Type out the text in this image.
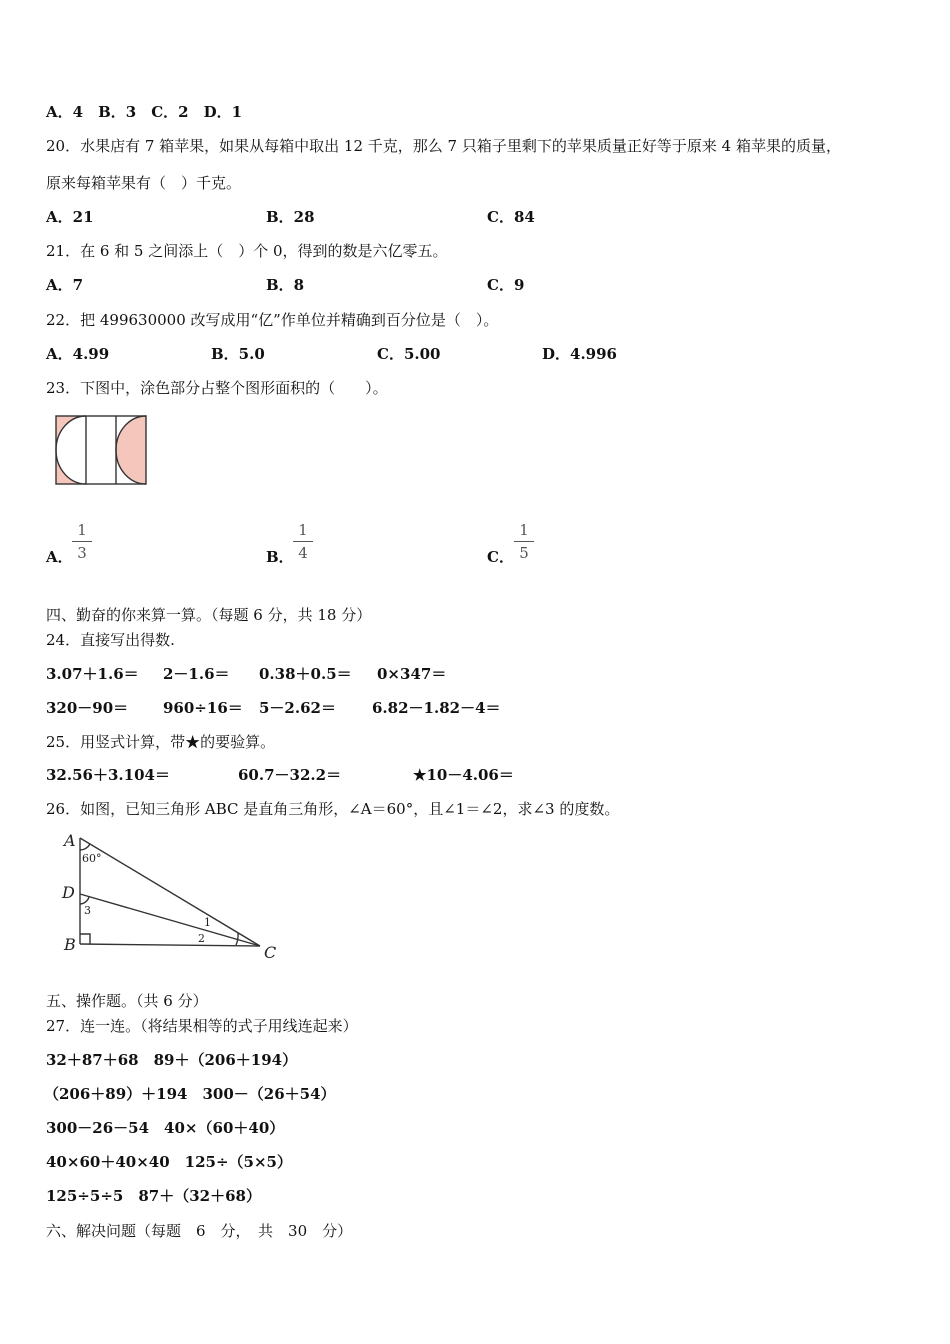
A．4　B．3　C．2　D．1
20．水果店有 7 箱苹果，如果从每箱中取出 12 千克，那么 7 只箱子里剩下的苹果质量正好等于原来 4 箱苹果的质量，
原来每箱苹果有（　）千克。
A．21	B．28	C．84
21．在 6 和 5 之间添上（　）个 0，得到的数是六亿零五。
A．7	B．8	C．9
22．把 499630000 改写成用“亿”作单位并精确到百分位是（　）。
A．4.99	B．5.0	C．5.00	D．4.996
23．下图中，涂色部分占整个图形面积的（　　）。
A．
1
3	B．
1
4	C．
1
5
四、勤奋的你来算一算。（每题 6 分，共 18 分）
24．直接写出得数.
3.07＋1.6＝ 2－1.6＝ 0.38＋0.5＝ 0×347＝
320－90＝ 960÷16＝ 5－2.62＝ 6.82－1.82－4＝
25．用竖式计算，带★的要验算。
32.56＋3.104＝	60.7－32.2＝	★10－4.06＝
26．如图，已知三角形 ABC 是直角三角形，∠A＝60°，且∠1＝∠2，求∠3 的度数。
A
D
B	C
60°
3
1
2
五、操作题。（共 6 分）
27．连一连。（将结果相等的式子用线连起来）
32＋87＋68　89＋（206＋194）
（206＋89）＋194　300－（26＋54）
300－26－54　40×（60＋40）
40×60＋40×40　125÷（5×5）
125÷5÷5　87＋（32＋68）
六、解决问题（每题　6　分，　共　30　分）
